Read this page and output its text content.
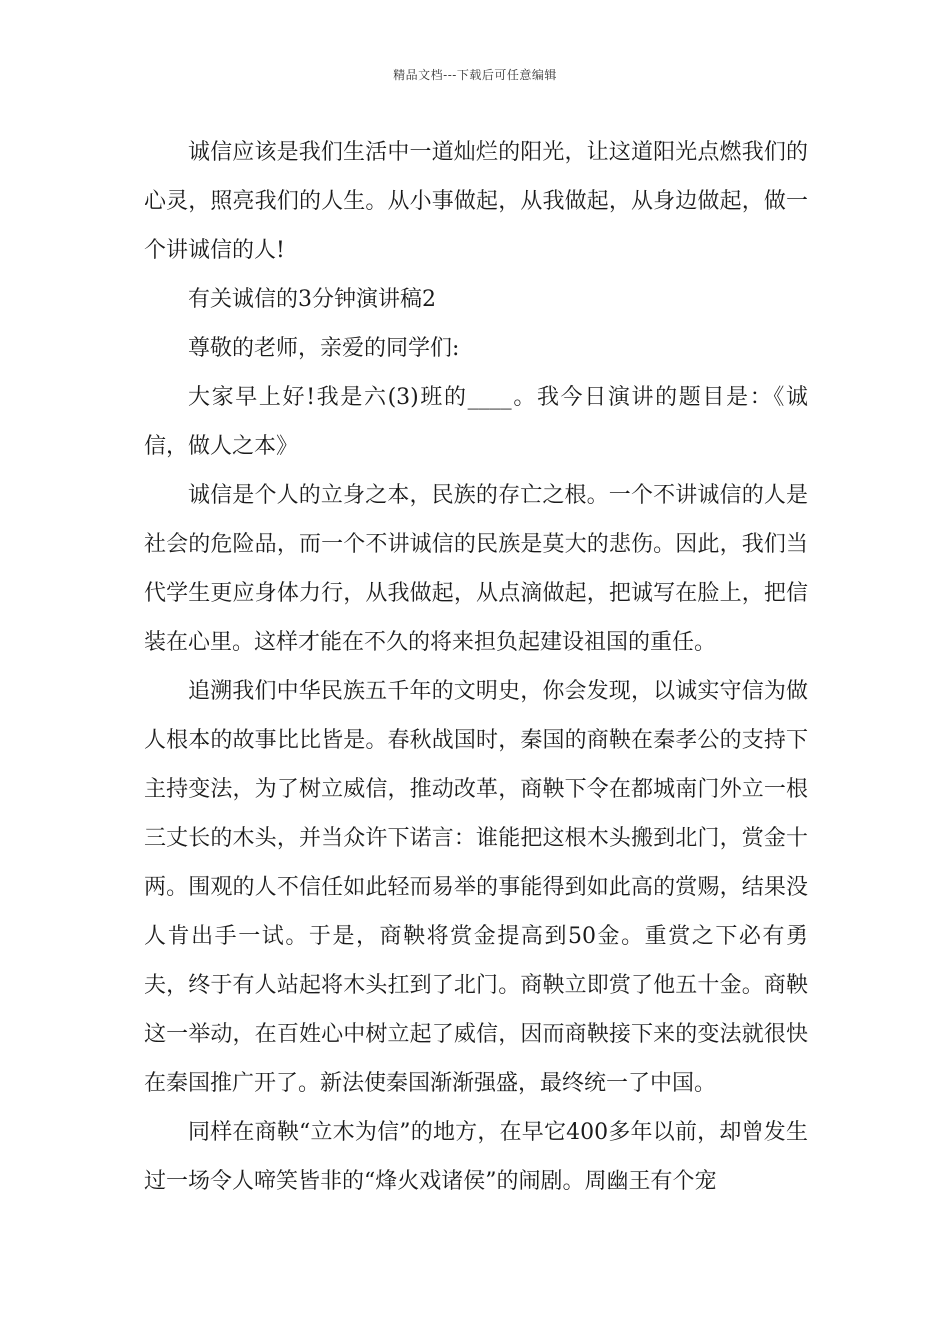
精品文档---下载后可任意编辑

诚信应该是我们生活中一道灿烂的阳光，让这道阳光点燃我们的心灵，照亮我们的人生。从小事做起，从我做起，从身边做起，做一个讲诚信的人!

有关诚信的3分钟演讲稿2

尊敬的老师，亲爱的同学们:

大家早上好!我是六(3)班的____。我今日演讲的题目是：《诚信，做人之本》

诚信是个人的立身之本，民族的存亡之根。一个不讲诚信的人是社会的危险品，而一个不讲诚信的民族是莫大的悲伤。因此，我们当代学生更应身体力行，从我做起，从点滴做起，把诚写在脸上，把信装在心里。这样才能在不久的将来担负起建设祖国的重任。

追溯我们中华民族五千年的文明史，你会发现，以诚实守信为做人根本的故事比比皆是。春秋战国时，秦国的商鞅在秦孝公的支持下主持变法，为了树立威信，推动改革，商鞅下令在都城南门外立一根三丈长的木头，并当众许下诺言：谁能把这根木头搬到北门，赏金十两。围观的人不信任如此轻而易举的事能得到如此高的赏赐，结果没人肯出手一试。于是，商鞅将赏金提高到50金。重赏之下必有勇夫，终于有人站起将木头扛到了北门。商鞅立即赏了他五十金。商鞅这一举动，在百姓心中树立起了威信，因而商鞅接下来的变法就很快在秦国推广开了。新法使秦国渐渐强盛，最终统一了中国。

同样在商鞅“立木为信”的地方，在早它400多年以前，却曾发生过一场令人啼笑皆非的“烽火戏诸侯”的闹剧。周幽王有个宠
